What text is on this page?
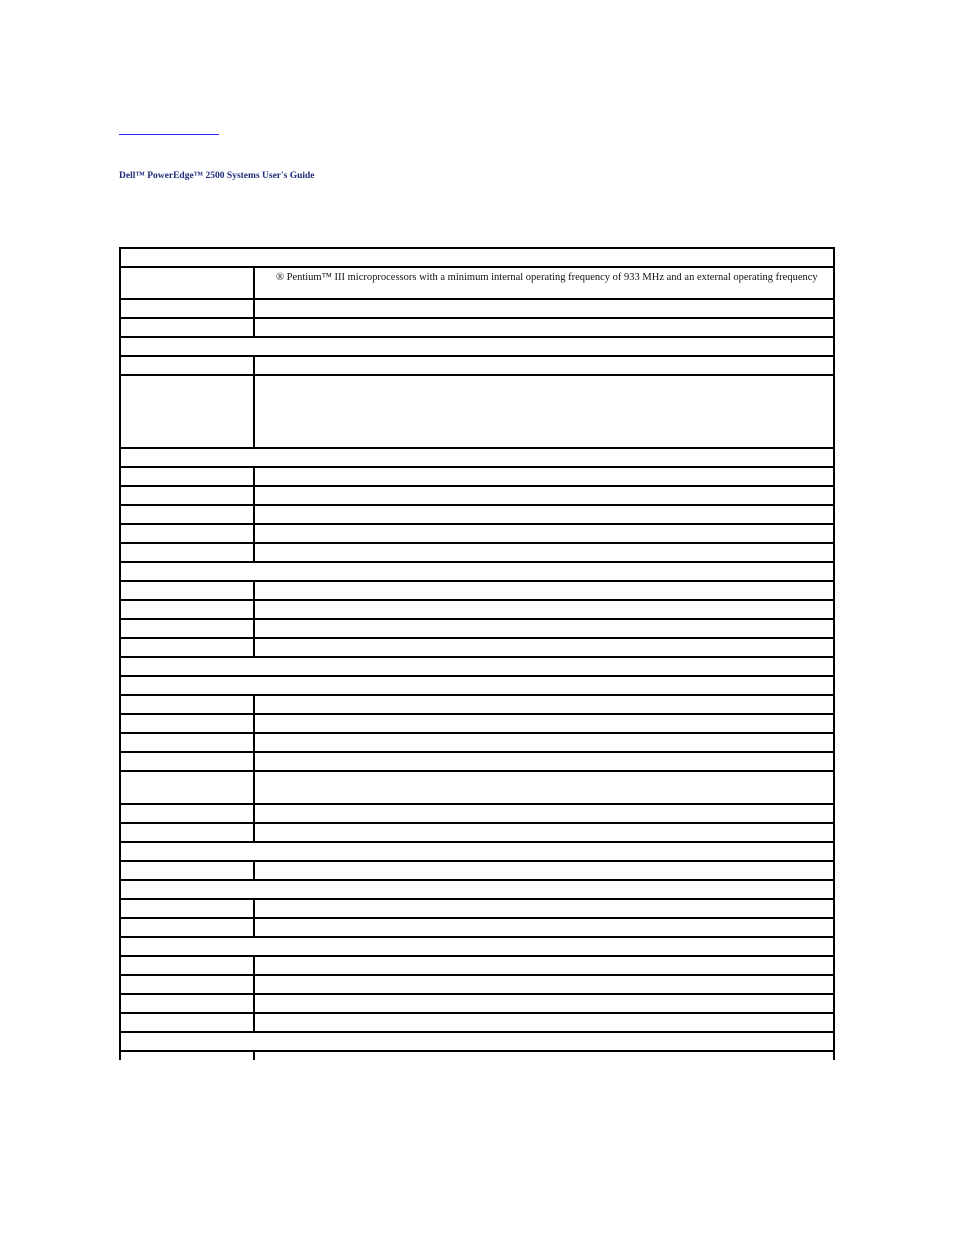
Dell™ PowerEdge™ 2500 Systems User's Guide

	® Pentium™ III microprocessors with a minimum internal operating frequency of 933 MHz and an external operating frequency
